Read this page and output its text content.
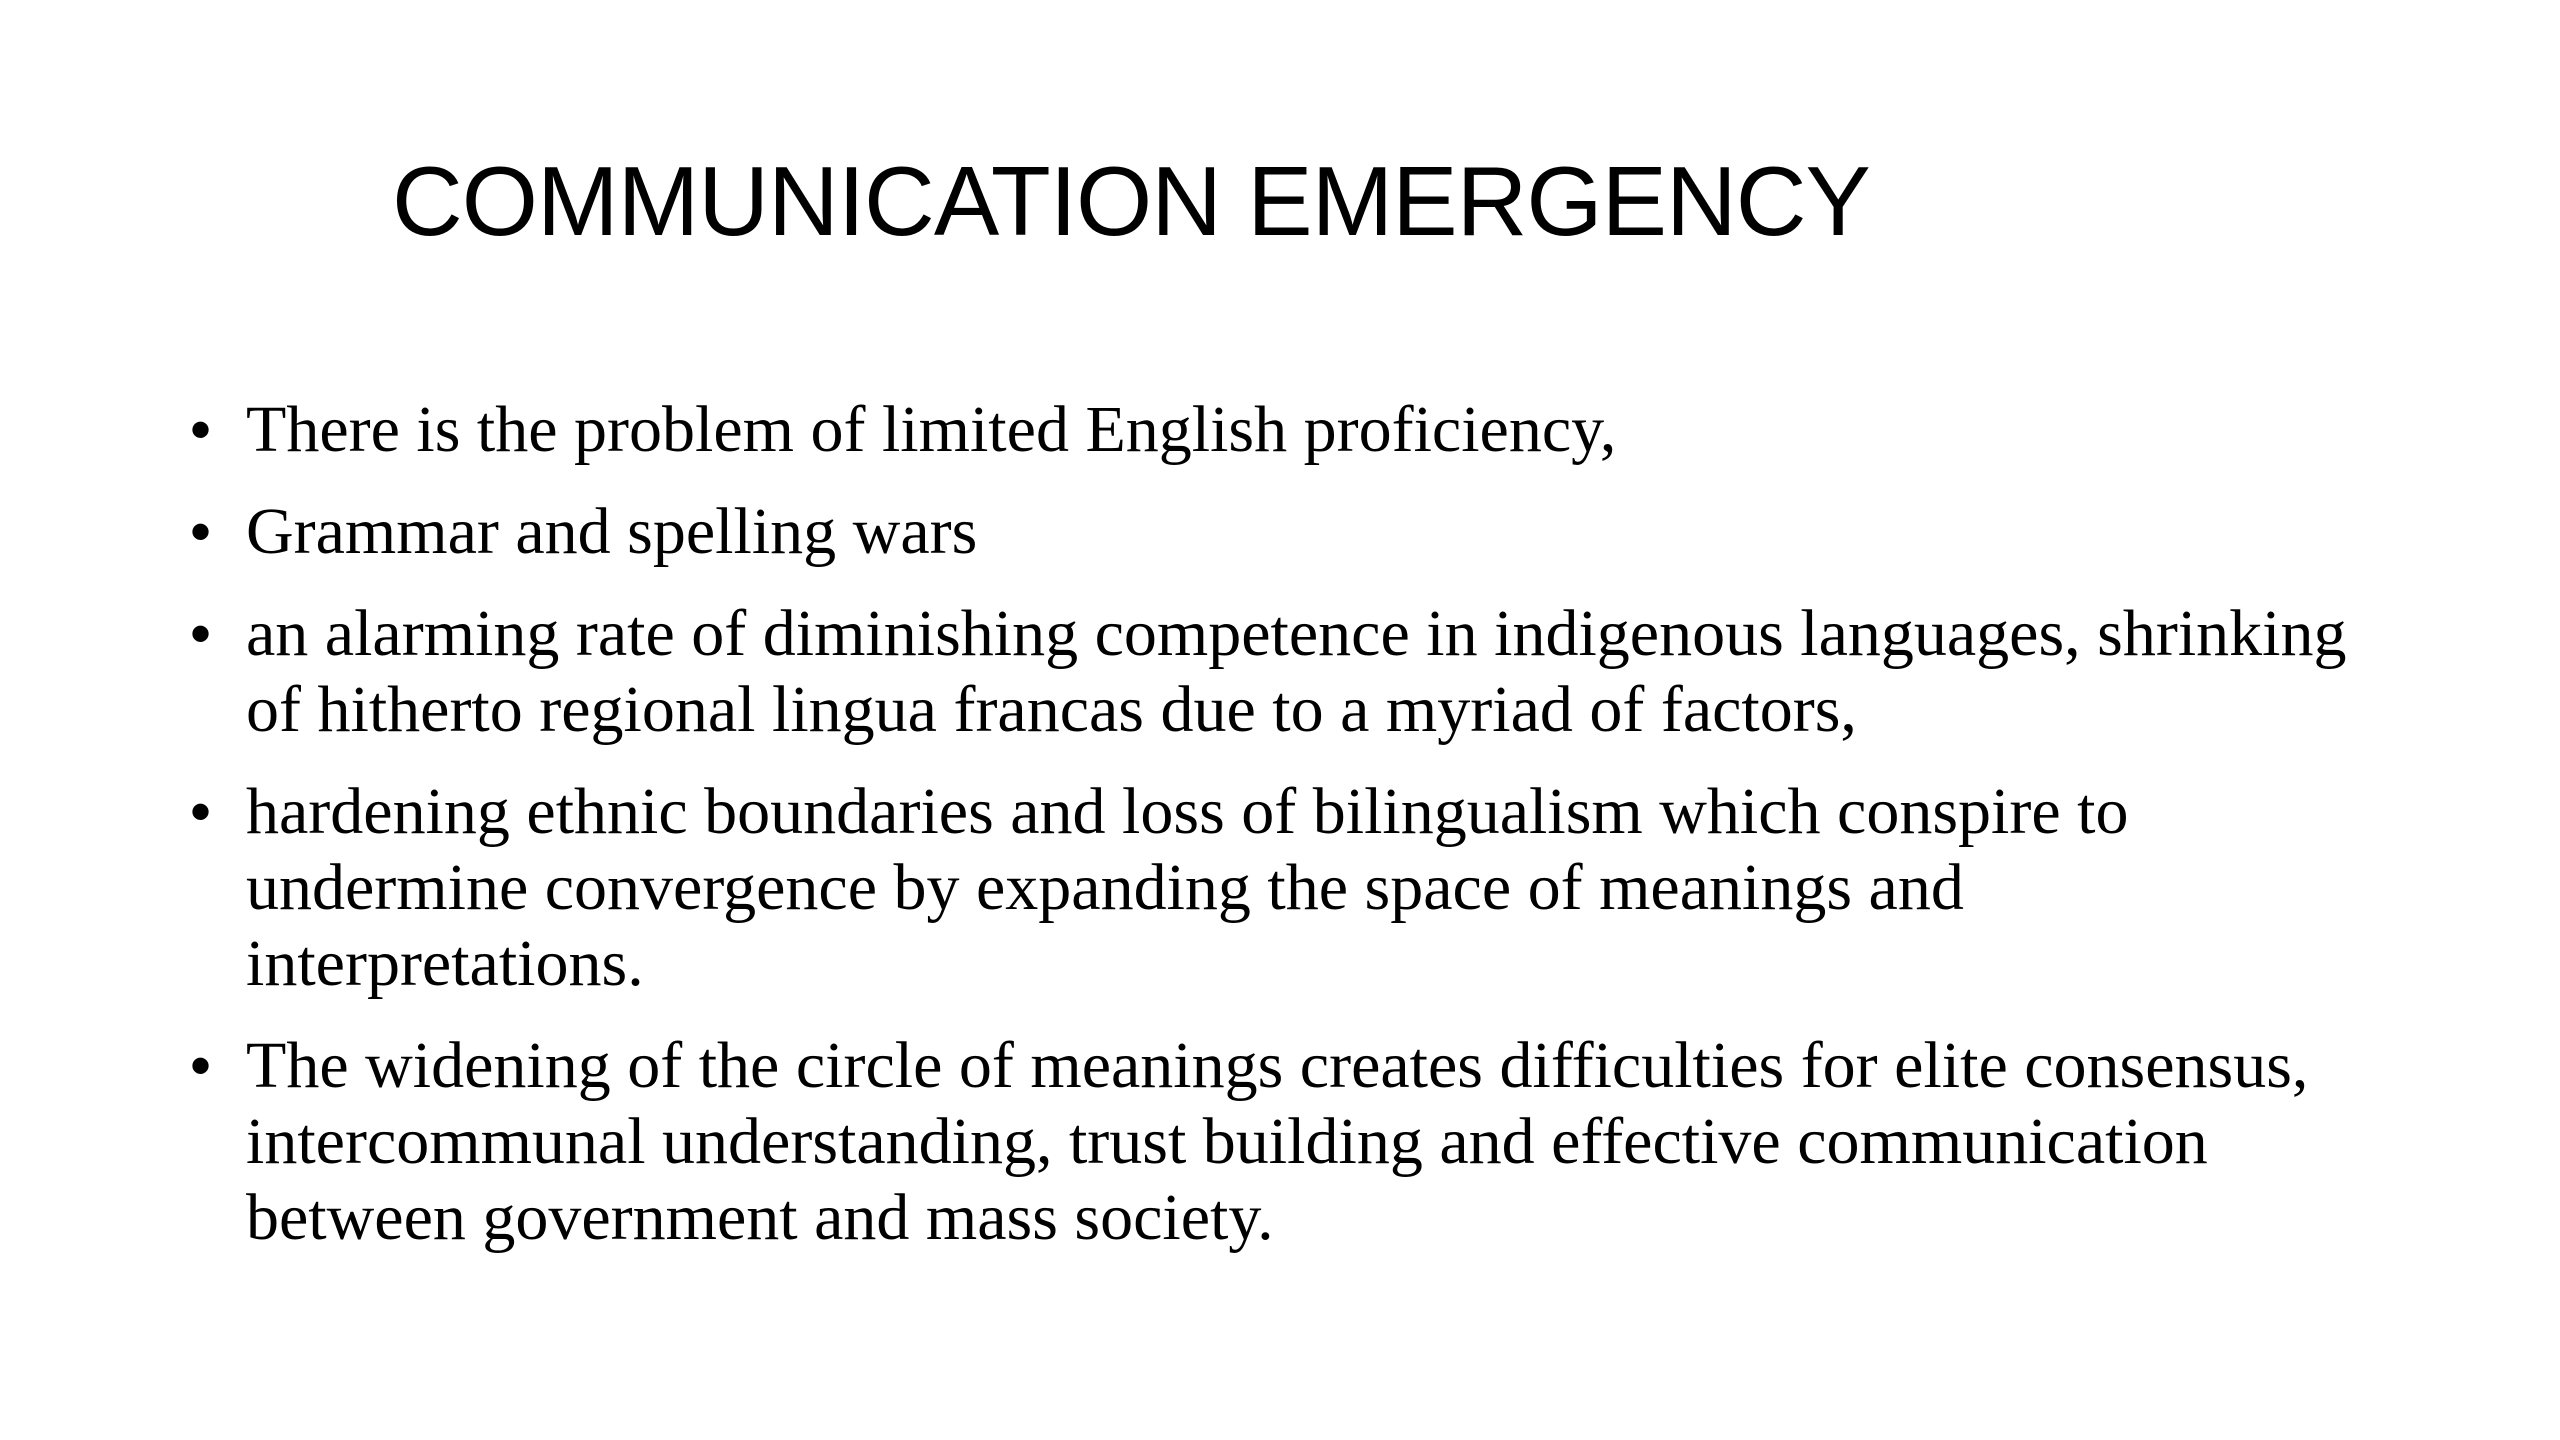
COMMUNICATION EMERGENCY
• There is the problem of limited English proficiency,
• Grammar and spelling wars
• an alarming rate of diminishing competence in indigenous languages, shrinking of hitherto regional lingua francas due to a myriad of factors,
• hardening ethnic boundaries and loss of bilingualism which conspire to undermine convergence by expanding the space of meanings and interpretations.
• The widening of the circle of meanings creates difficulties for elite consensus, intercommunal understanding, trust building and effective communication between government and mass society.
